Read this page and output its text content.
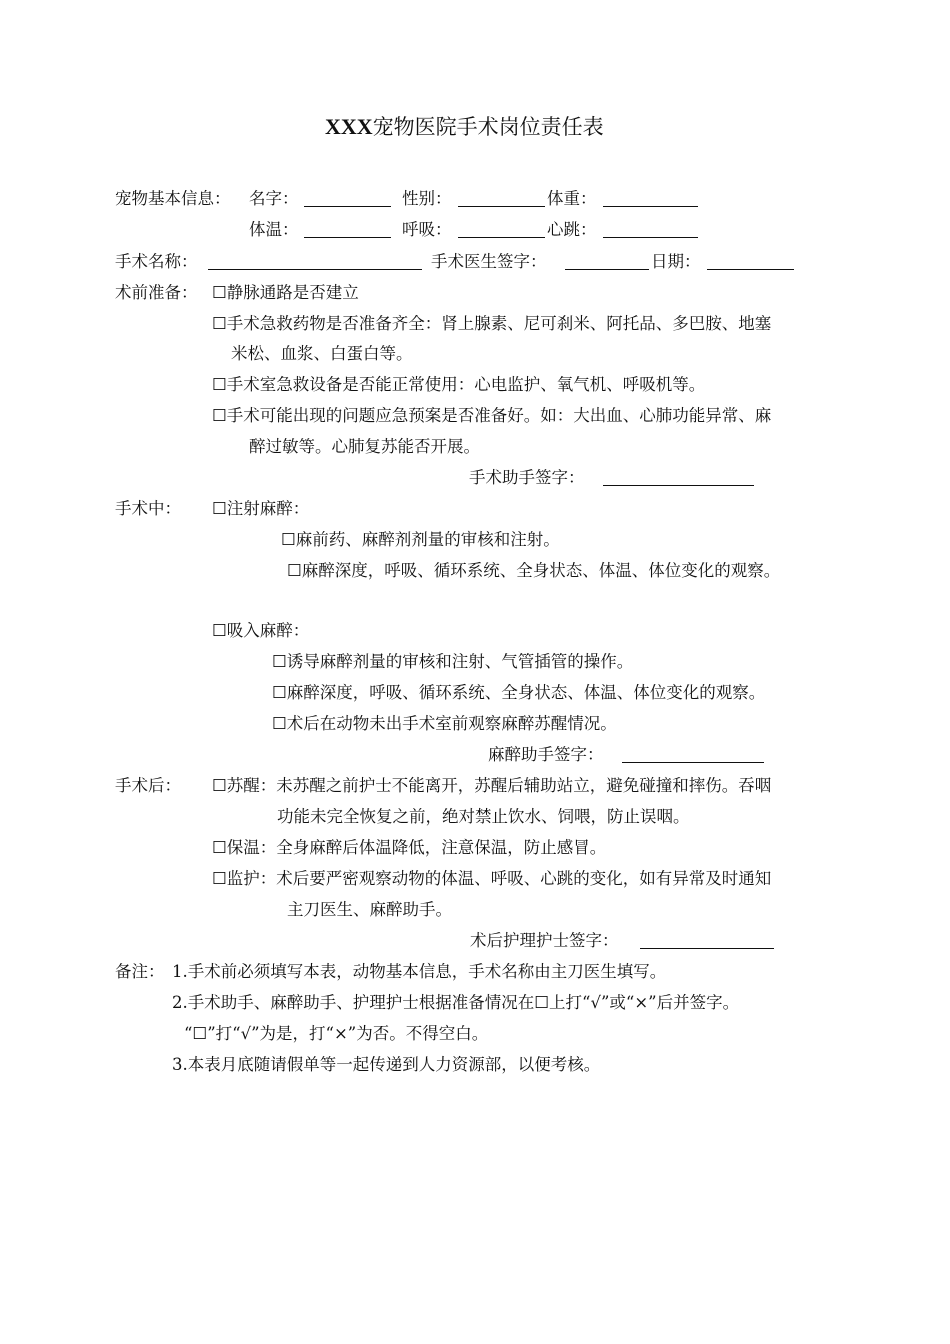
XXX宠物医院手术岗位责任表
宠物基本信息： 名字：	性别：	体重：
体温：	呼吸：	心跳：
手术名称：	手术医生签字：	日期：
术前准备： ☐静脉通路是否建立
☐手术急救药物是否准备齐全：肾上腺素、尼可刹米、阿托品、多巴胺、地塞
米松、血浆、白蛋白等。
☐手术室急救设备是否能正常使用：心电监护、氧气机、呼吸机等。
☐手术可能出现的问题应急预案是否准备好。如：大出血、心肺功能异常、麻
醉过敏等。心肺复苏能否开展。
手术助手签字：
手术中： ☐注射麻醉：
☐麻前药、麻醉剂剂量的审核和注射。
☐麻醉深度，呼吸、循环系统、全身状态、体温、体位变化的观察。
☐吸入麻醉：
☐诱导麻醉剂量的审核和注射、气管插管的操作。
☐麻醉深度，呼吸、循环系统、全身状态、体温、体位变化的观察。
☐术后在动物未出手术室前观察麻醉苏醒情况。
麻醉助手签字：
手术后： ☐苏醒：未苏醒之前护士不能离开，苏醒后辅助站立，避免碰撞和摔伤。吞咽
功能未完全恢复之前，绝对禁止饮水、饲喂，防止误咽。
☐保温：全身麻醉后体温降低，注意保温，防止感冒。
☐监护：术后要严密观察动物的体温、呼吸、心跳的变化，如有异常及时通知
主刀医生、麻醉助手。
术后护理护士签字：
备注： 1.手术前必须填写本表，动物基本信息，手术名称由主刀医生填写。
2.手术助手、麻醉助手、护理护士根据准备情况在☐上打“√”或“×”后并签字。
“☐”打“√”为是，打“×”为否。不得空白。
3.本表月底随请假单等一起传递到人力资源部，以便考核。
